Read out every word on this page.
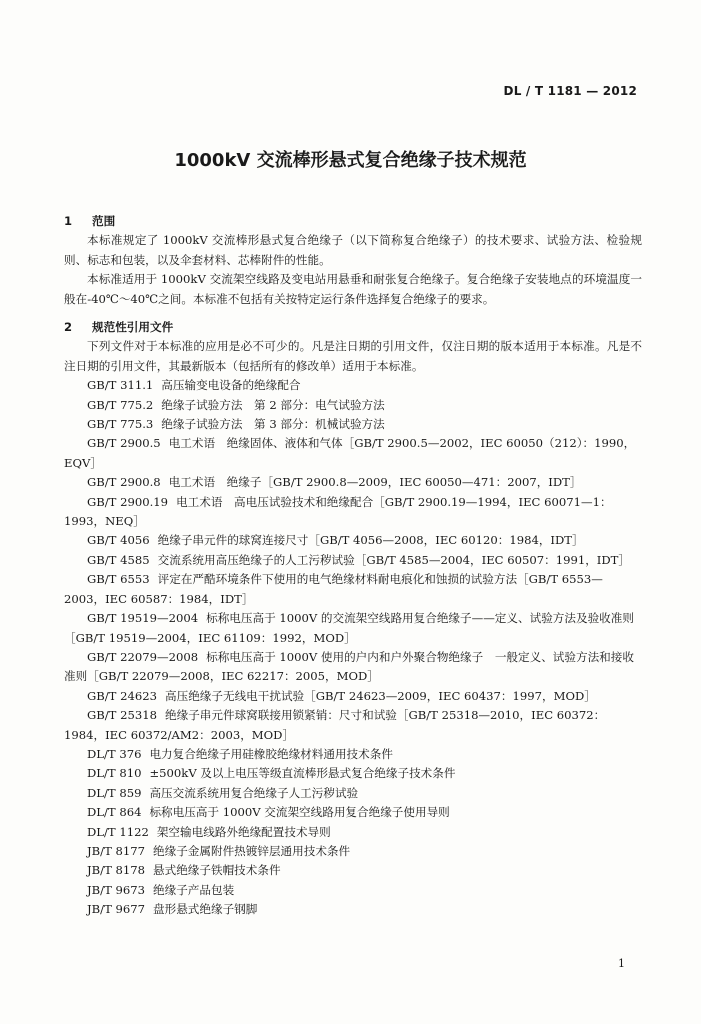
DL / T 1181 — 2012
1000kV 交流棒形悬式复合绝缘子技术规范

1 范围

本标准规定了 1000kV 交流棒形悬式复合绝缘子（以下简称复合绝缘子）的技术要求、试验方法、检验规则、标志和包装，以及伞套材料、芯棒附件的性能。

本标准适用于 1000kV 交流架空线路及变电站用悬垂和耐张复合绝缘子。复合绝缘子安装地点的环境温度一般在-40℃～40℃之间。本标准不包括有关按特定运行条件选择复合绝缘子的要求。

2 规范性引用文件

下列文件对于本标准的应用是必不可少的。凡是注日期的引用文件，仅注日期的版本适用于本标准。凡是不注日期的引用文件，其最新版本（包括所有的修改单）适用于本标准。

GB/T 311.1 高压输变电设备的绝缘配合

GB/T 775.2 绝缘子试验方法　第 2 部分：电气试验方法

GB/T 775.3 绝缘子试验方法　第 3 部分：机械试验方法

GB/T 2900.5 电工术语　绝缘固体、液体和气体［GB/T 2900.5—2002，IEC 60050（212）：1990，EQV］

GB/T 2900.8 电工术语　绝缘子［GB/T 2900.8—2009，IEC 60050—471：2007，IDT］

GB/T 2900.19 电工术语　高电压试验技术和绝缘配合［GB/T 2900.19—1994，IEC 60071—1：1993，NEQ］

GB/T 4056 绝缘子串元件的球窝连接尺寸［GB/T 4056—2008，IEC 60120：1984，IDT］

GB/T 4585 交流系统用高压绝缘子的人工污秽试验［GB/T 4585—2004，IEC 60507：1991，IDT］

GB/T 6553 评定在严酷环境条件下使用的电气绝缘材料耐电痕化和蚀损的试验方法［GB/T 6553—2003，IEC 60587：1984，IDT］

GB/T 19519—2004 标称电压高于 1000V 的交流架空线路用复合绝缘子——定义、试验方法及验收准则［GB/T 19519—2004，IEC 61109：1992，MOD］

GB/T 22079—2008 标称电压高于 1000V 使用的户内和户外聚合物绝缘子　一般定义、试验方法和接收准则［GB/T 22079—2008，IEC 62217：2005，MOD］

GB/T 24623 高压绝缘子无线电干扰试验［GB/T 24623—2009，IEC 60437：1997，MOD］

GB/T 25318 绝缘子串元件球窝联接用锁紧销：尺寸和试验［GB/T 25318—2010，IEC 60372：1984，IEC 60372/AM2：2003，MOD］

DL/T 376 电力复合绝缘子用硅橡胶绝缘材料通用技术条件

DL/T 810 ±500kV 及以上电压等级直流棒形悬式复合绝缘子技术条件

DL/T 859 高压交流系统用复合绝缘子人工污秽试验

DL/T 864 标称电压高于 1000V 交流架空线路用复合绝缘子使用导则

DL/T 1122 架空输电线路外绝缘配置技术导则

JB/T 8177 绝缘子金属附件热镀锌层通用技术条件

JB/T 8178 悬式绝缘子铁帽技术条件

JB/T 9673 绝缘子产品包装

JB/T 9677 盘形悬式绝缘子钢脚

1
